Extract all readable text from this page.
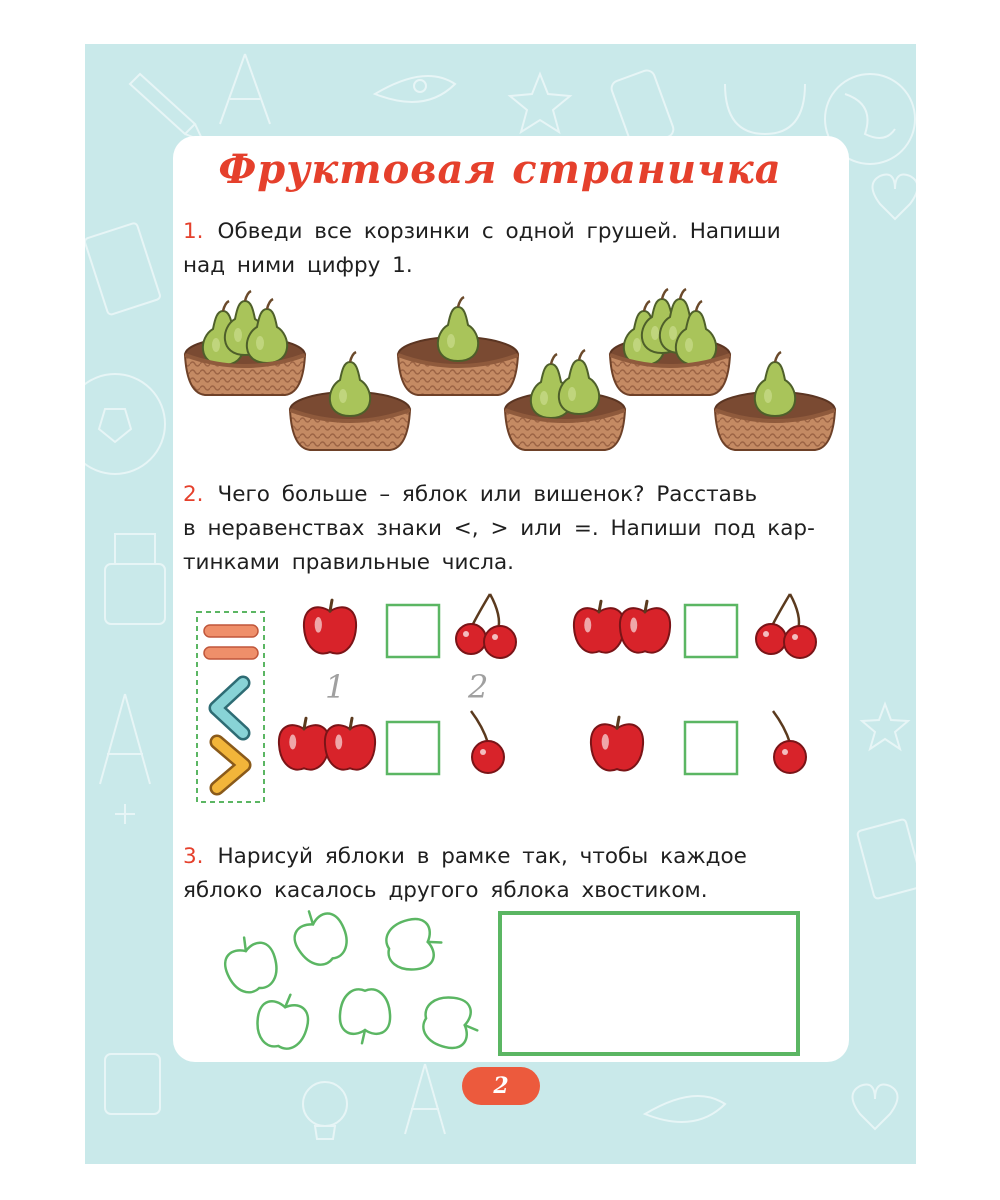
Фруктовая страничка
1. Обведи все корзинки с одной грушей. Напиши
над ними цифру 1.
2. Чего больше – яблок или вишенок? Расставь
в неравенствах знаки <, > или =. Напиши под кар-
тинками правильные числа.
3. Нарисуй яблоки в рамке так, чтобы каждое
яблоко касалось другого яблока хвостиком.
1	2
2
